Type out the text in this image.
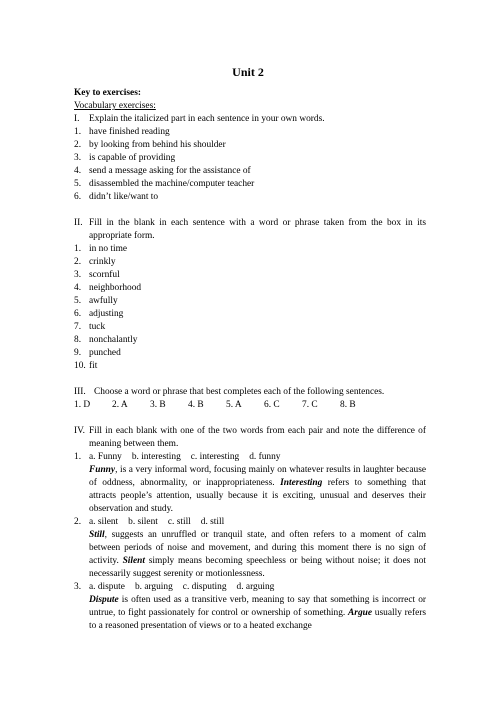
Unit 2
Key to exercises:
Vocabulary exercises:
I.	Explain the italicized part in each sentence in your own words.
1. have finished reading
2. by looking from behind his shoulder
3. is capable of providing
4. send a message asking for the assistance of
5. disassembled the machine/computer teacher
6. didn’t like/want to
II. Fill in the blank in each sentence with a word or phrase taken from the box in its appropriate form.
1. in no time
2. crinkly
3. scornful
4. neighborhood
5. awfully
6. adjusting
7. tuck
8. nonchalantly
9. punched
10. fit
III. Choose a word or phrase that best completes each of the following sentences.
1. D	2. A	3. B	4. B	5. A	6. C	7. C	8. B
IV. Fill in each blank with one of the two words from each pair and note the difference of meaning between them.
1. a. Funny b. interesting c. interesting d. funny
Funny, is a very informal word, focusing mainly on whatever results in laughter because of oddness, abnormality, or inappropriateness. Interesting refers to something that attracts people’s attention, usually because it is exciting, unusual and deserves their observation and study.
2. a. silent b. silent c. still d. still
Still, suggests an unruffled or tranquil state, and often refers to a moment of calm between periods of noise and movement, and during this moment there is no sign of activity. Silent simply means becoming speechless or being without noise; it does not necessarily suggest serenity or motionlessness.
3. a. dispute b. arguing c. disputing d. arguing
Dispute is often used as a transitive verb, meaning to say that something is incorrect or untrue, to fight passionately for control or ownership of something. Argue usually refers to a reasoned presentation of views or to a heated exchange
